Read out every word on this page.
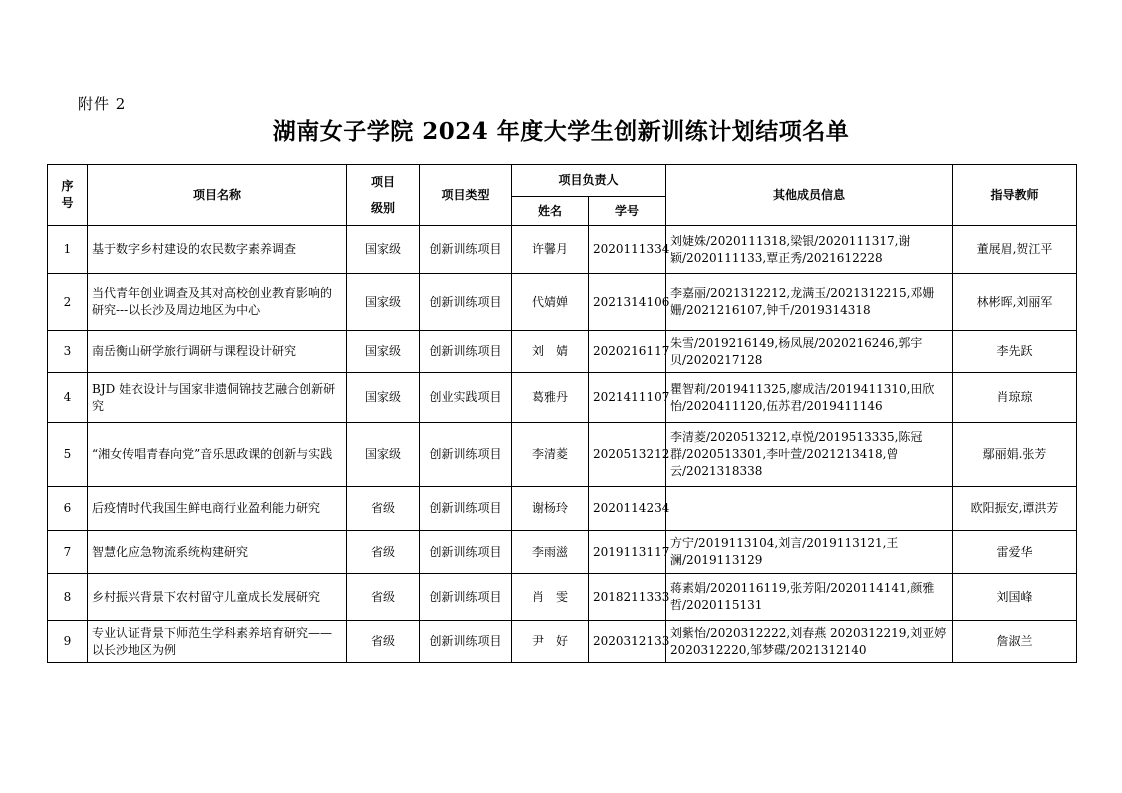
附件 2
湖南女子学院 2024 年度大学生创新训练计划结项名单
序号	项目名称	项目级别	项目类型	项目负责人		其他成员信息	指导教师
				姓名	学号		
1	基于数字乡村建设的农民数字素养调查	国家级	创新训练项目	许馨月	2020111334	刘婕姝/2020111318,梁银/2020111317,谢颖/2020111133,覃正秀/2021612228	董展眉,贺江平
2	当代青年创业调查及其对高校创业教育影响的研究---以长沙及周边地区为中心	国家级	创新训练项目	代婧婵	2021314106	李嘉丽/2021312212,龙满玉/2021312215,邓姗姗/2021216107,钟千/2019314318	林彬晖,刘丽军
3	南岳衡山研学旅行调研与课程设计研究	国家级	创新训练项目	刘　婧	2020216117	朱雪/2019216149,杨凤展/2020216246,郭宇贝/2020217128	李先跃
4	BJD 娃衣设计与国家非遗侗锦技艺融合创新研究	国家级	创业实践项目	葛雅丹	2021411107	瞿智莉/2019411325,廖成洁/2019411310,田欣怡/2020411120,伍苏君/2019411146	肖琼琼
5	“湘女传唱青春向党”音乐思政课的创新与实践	国家级	创新训练项目	李清菱	2020513212	李清菱/2020513212,卓悦/2019513335,陈冠群/2020513301,李叶萱/2021213418,曾云/2021318338	鄢丽娟.张芳
6	后疫情时代我国生鲜电商行业盈利能力研究	省级	创新训练项目	谢杨玲	2020114234		欧阳振安,谭洪芳
7	智慧化应急物流系统构建研究	省级	创新训练项目	李雨滋	2019113117	方宁/2019113104,刘言/2019113121,王澜/2019113129	雷爱华
8	乡村振兴背景下农村留守儿童成长发展研究	省级	创新训练项目	肖　雯	2018211333	蒋素娟/2020116119,张芳阳/2020114141,颜雅哲/2020115131	刘国峰
9	专业认证背景下师范生学科素养培育研究——以长沙地区为例	省级	创新训练项目	尹　好	2020312133	刘紫怡/2020312222,刘春燕 2020312219,刘亚婷 2020312220,邹梦碟/2021312140	詹淑兰
